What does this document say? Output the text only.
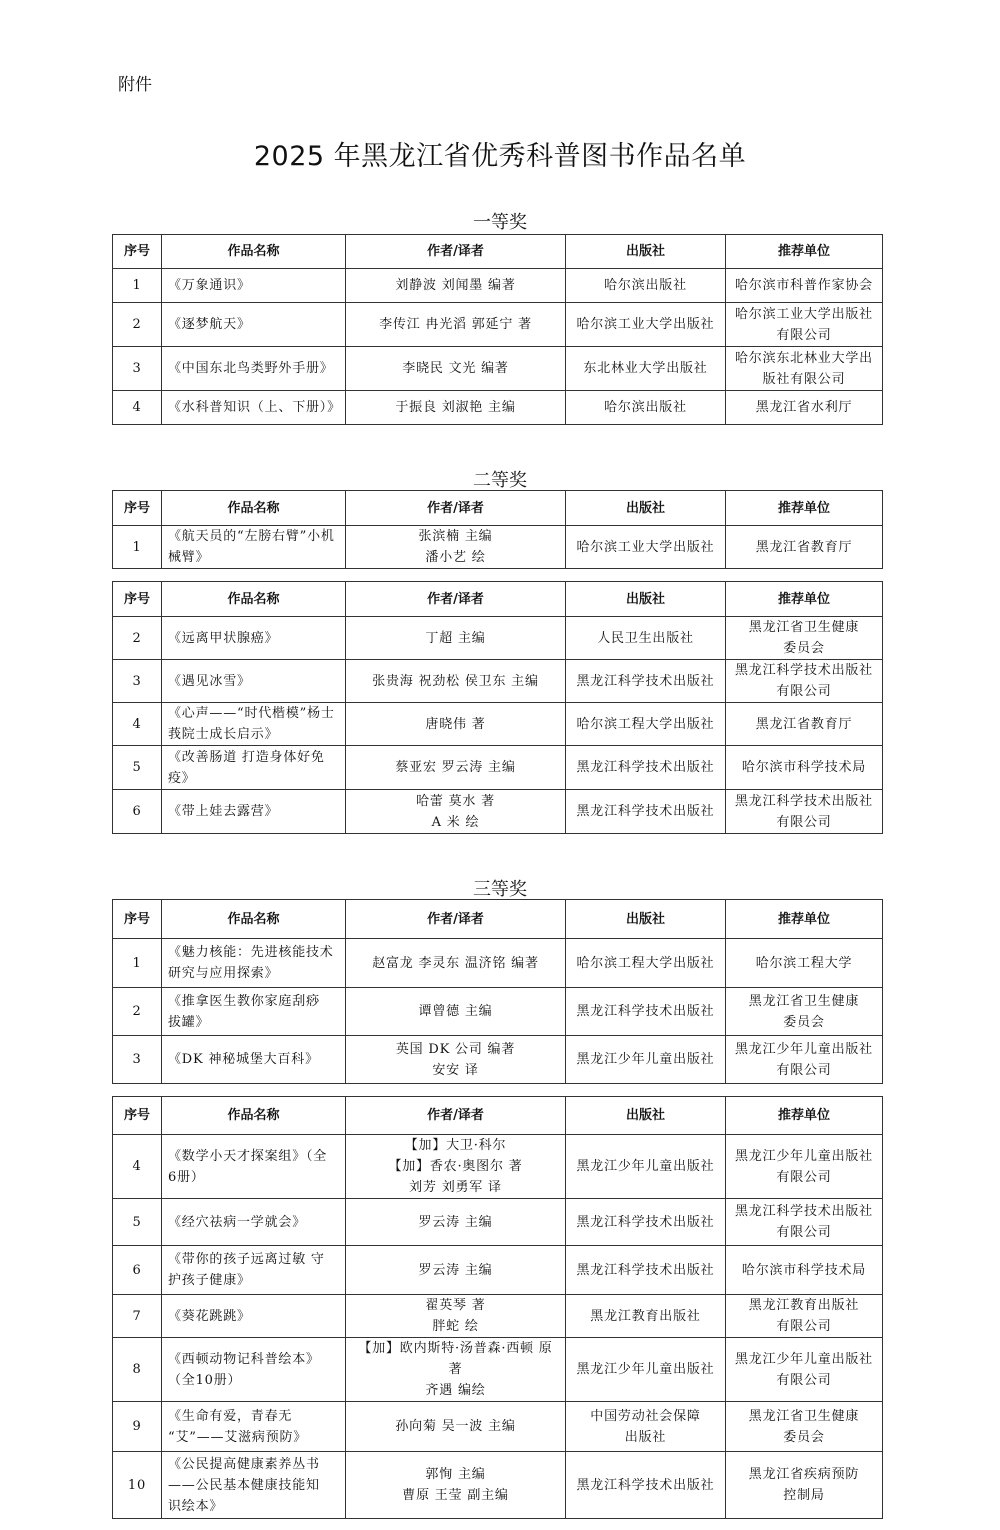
附件
2025 年黑龙江省优秀科普图书作品名单
一等奖
序号	作品名称	作者/译者	出版社	推荐单位
1	《万象通识》	刘静波 刘闻墨 编著	哈尔滨出版社	哈尔滨市科普作家协会
2	《逐梦航天》	李传江 冉光滔 郭延宁 著	哈尔滨工业大学出版社	哈尔滨工业大学出版社
有限公司
3	《中国东北鸟类野外手册》	李晓民 文光 编著	东北林业大学出版社	哈尔滨东北林业大学出
版社有限公司
4	《水科普知识（上、下册）》	于振良 刘淑艳 主编	哈尔滨出版社	黑龙江省水利厅
二等奖
序号	作品名称	作者/译者	出版社	推荐单位
1	《航天员的“左膀右臂”小机
械臂》	张滨楠 主编
潘小艺 绘	哈尔滨工业大学出版社	黑龙江省教育厅
序号	作品名称	作者/译者	出版社	推荐单位
2	《远离甲状腺癌》	丁超 主编	人民卫生出版社	黑龙江省卫生健康
委员会
3	《遇见冰雪》	张贵海 祝劲松 侯卫东 主编	黑龙江科学技术出版社	黑龙江科学技术出版社
有限公司
4	《心声——“时代楷模”杨士
莪院士成长启示》	唐晓伟 著	哈尔滨工程大学出版社	黑龙江省教育厅
5	《改善肠道 打造身体好免
疫》	蔡亚宏 罗云涛 主编	黑龙江科学技术出版社	哈尔滨市科学技术局
6	《带上娃去露营》	哈蕾 莫水 著
A 米 绘	黑龙江科学技术出版社	黑龙江科学技术出版社
有限公司
三等奖
序号	作品名称	作者/译者	出版社	推荐单位
1	《魅力核能：先进核能技术
研究与应用探索》	赵富龙 李灵东 温济铭 编著	哈尔滨工程大学出版社	哈尔滨工程大学
2	《推拿医生教你家庭刮痧
拔罐》	谭曾德 主编	黑龙江科学技术出版社	黑龙江省卫生健康
委员会
3	《DK 神秘城堡大百科》	英国 DK 公司 编著
安安 译	黑龙江少年儿童出版社	黑龙江少年儿童出版社
有限公司
序号	作品名称	作者/译者	出版社	推荐单位
4	《数学小天才探案组》（全
6册）	【加】大卫·科尔
【加】香农·奥图尔 著
刘芳 刘勇军 译	黑龙江少年儿童出版社	黑龙江少年儿童出版社
有限公司
5	《经穴祛病一学就会》	罗云涛 主编	黑龙江科学技术出版社	黑龙江科学技术出版社
有限公司
6	《带你的孩子远离过敏 守
护孩子健康》	罗云涛 主编	黑龙江科学技术出版社	哈尔滨市科学技术局
7	《葵花跳跳》	翟英琴 著
胖蛇 绘	黑龙江教育出版社	黑龙江教育出版社
有限公司
8	《西顿动物记科普绘本》
（全10册）	【加】欧内斯特·汤普森·西顿 原
著
齐遇 编绘	黑龙江少年儿童出版社	黑龙江少年儿童出版社
有限公司
9	《生命有爱，青春无
“艾”——艾滋病预防》	孙向菊 吴一波 主编	中国劳动社会保障
出版社	黑龙江省卫生健康
委员会
10	《公民提高健康素养丛书
——公民基本健康技能知
识绘本》	郭恂 主编
曹原 王莹 副主编	黑龙江科学技术出版社	黑龙江省疾病预防
控制局
